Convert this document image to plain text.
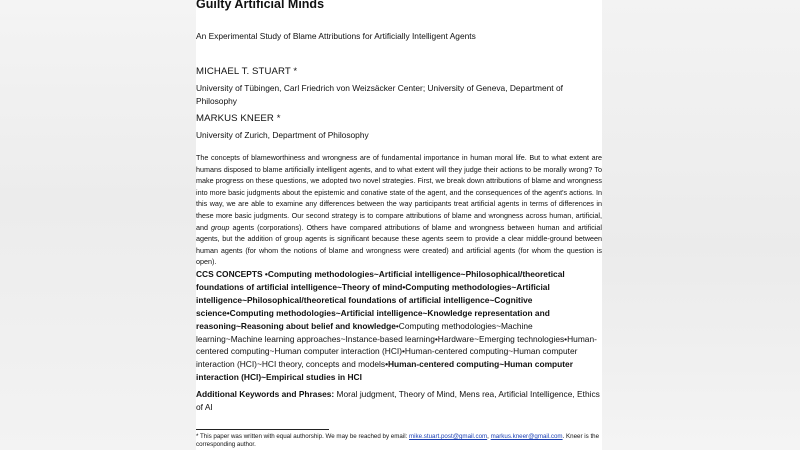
Guilty Artificial Minds

An Experimental Study of Blame Attributions for Artificially Intelligent Agents

MICHAEL T. STUART *

University of Tübingen, Carl Friedrich von Weizsäcker Center; University of Geneva, Department of Philosophy

MARKUS KNEER *

University of Zurich, Department of Philosophy

The concepts of blameworthiness and wrongness are of fundamental importance in human moral life. But to what extent are humans disposed to blame artificially intelligent agents, and to what extent will they judge their actions to be morally wrong? To make progress on these questions, we adopted two novel strategies. First, we break down attributions of blame and wrongness into more basic judgments about the epistemic and conative state of the agent, and the consequences of the agent's actions. In this way, we are able to examine any differences between the way participants treat artificial agents in terms of differences in these more basic judgments. Our second strategy is to compare attributions of blame and wrongness across human, artificial, and group agents (corporations). Others have compared attributions of blame and wrongness between human and artificial agents, but the addition of group agents is significant because these agents seem to provide a clear middle-ground between human agents (for whom the notions of blame and wrongness were created) and artificial agents (for whom the question is open).

CCS CONCEPTS •Computing methodologies~Artificial intelligence~Philosophical/theoretical foundations of artificial intelligence~Theory of mind•Computing methodologies~Artificial intelligence~Philosophical/theoretical foundations of artificial intelligence~Cognitive science•Computing methodologies~Artificial intelligence~Knowledge representation and reasoning~Reasoning about belief and knowledge•Computing methodologies~Machine learning~Machine learning approaches~Instance-based learning•Hardware~Emerging technologies•Human-centered computing~Human computer interaction (HCI)•Human-centered computing~Human computer interaction (HCI)~HCI theory, concepts and models•Human-centered computing~Human computer interaction (HCI)~Empirical studies in HCI

Additional Keywords and Phrases: Moral judgment, Theory of Mind, Mens rea, Artificial Intelligence, Ethics of AI

* This paper was written with equal authorship. We may be reached by email: mike.stuart.post@gmail.com, markus.kneer@gmail.com. Kneer is the corresponding author.
